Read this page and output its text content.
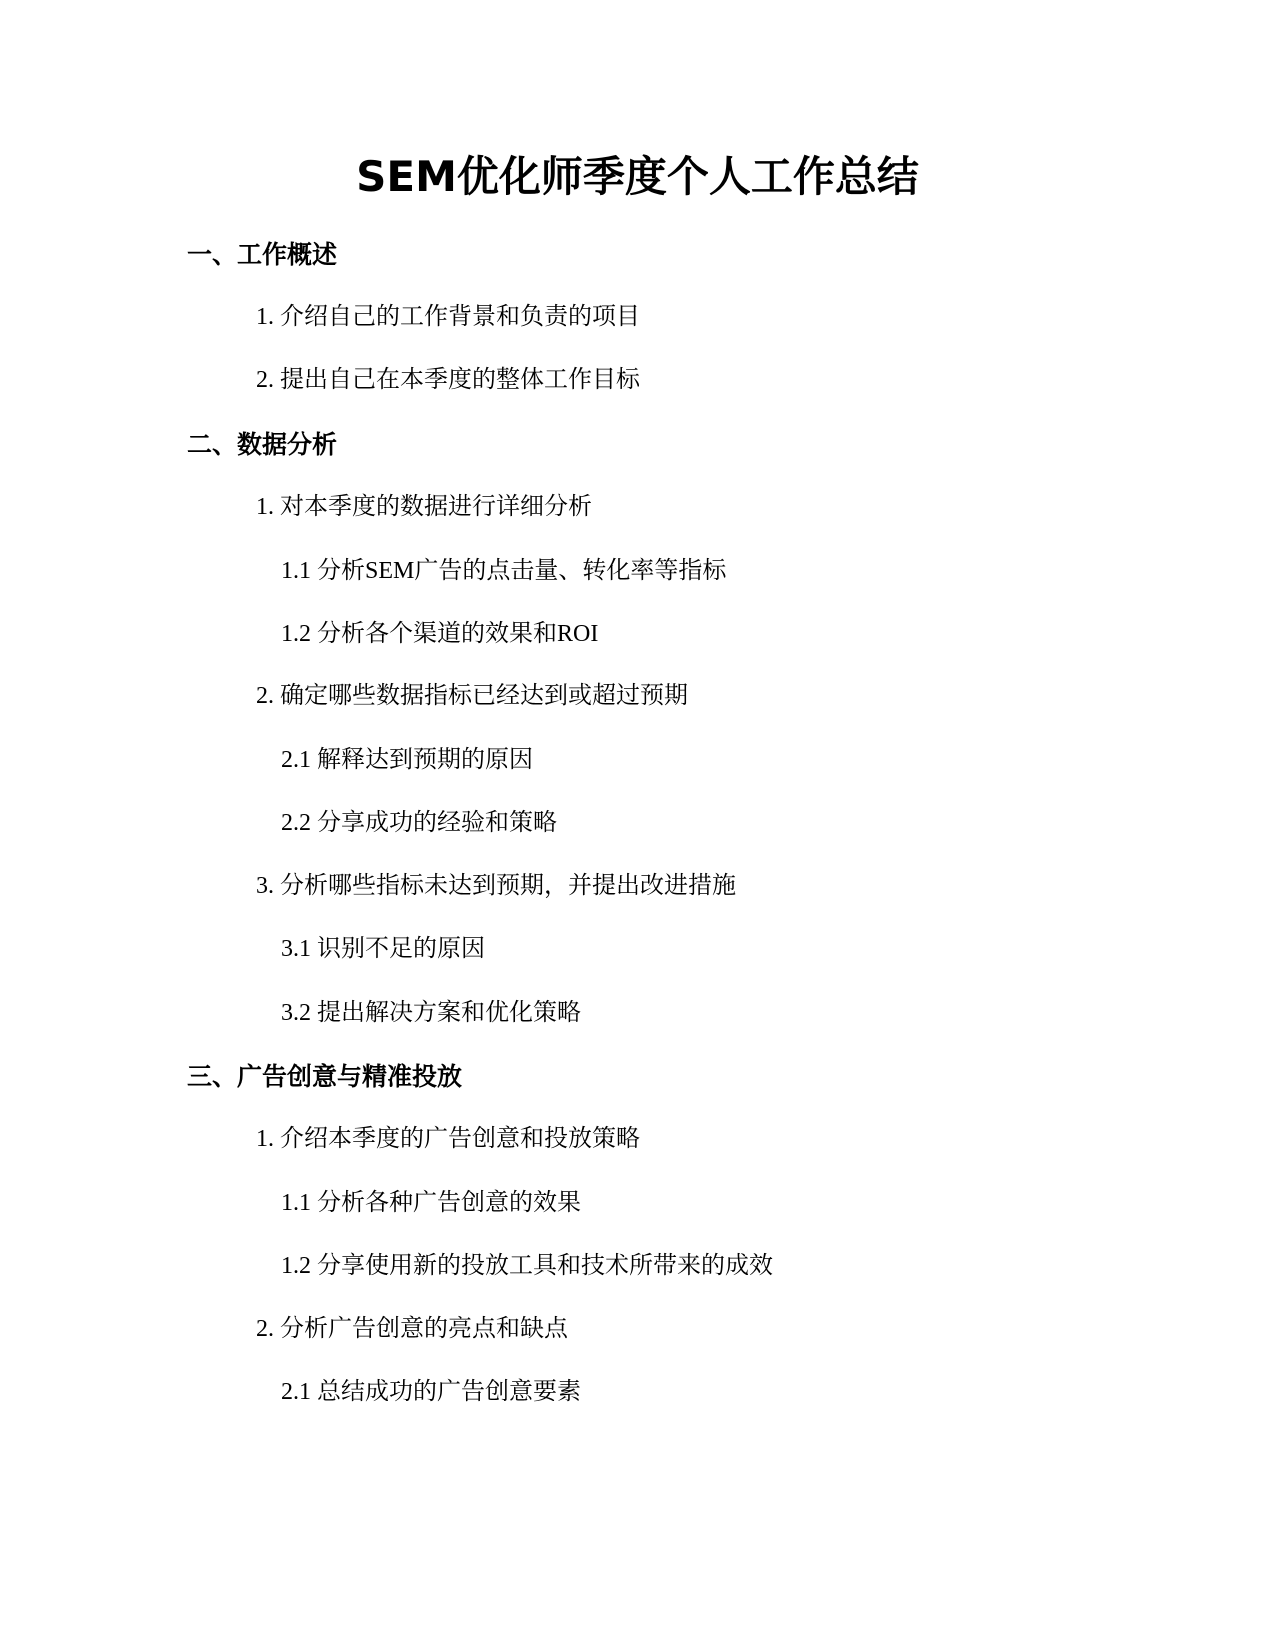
SEM优化师季度个人工作总结
一、工作概述
1. 介绍自己的工作背景和负责的项目
2. 提出自己在本季度的整体工作目标
二、数据分析
1. 对本季度的数据进行详细分析
1.1 分析SEM广告的点击量、转化率等指标
1.2 分析各个渠道的效果和ROI
2. 确定哪些数据指标已经达到或超过预期
2.1 解释达到预期的原因
2.2 分享成功的经验和策略
3. 分析哪些指标未达到预期，并提出改进措施
3.1 识别不足的原因
3.2 提出解决方案和优化策略
三、广告创意与精准投放
1. 介绍本季度的广告创意和投放策略
1.1 分析各种广告创意的效果
1.2 分享使用新的投放工具和技术所带来的成效
2. 分析广告创意的亮点和缺点
2.1 总结成功的广告创意要素
